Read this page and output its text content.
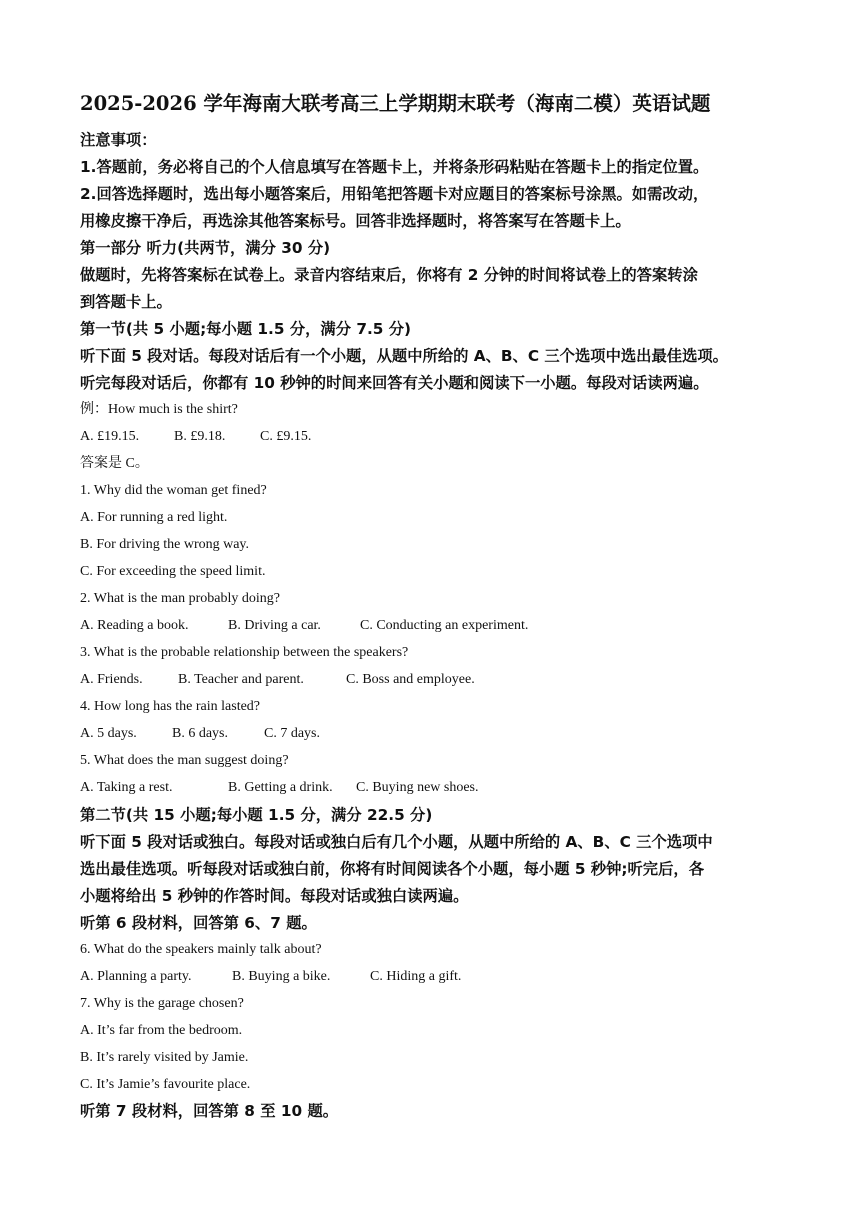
2025-2026 学年海南大联考高三上学期期末联考（海南二模）英语试题
注意事项：
1.答题前，务必将自己的个人信息填写在答题卡上，并将条形码粘贴在答题卡上的指定位置。
2.回答选择题时，选出每小题答案后，用铅笔把答题卡对应题目的答案标号涂黑。如需改动，
用橡皮擦干净后，再选涂其他答案标号。回答非选择题时，将答案写在答题卡上。
第一部分 听力(共两节，满分 30 分)
做题时，先将答案标在试卷上。录音内容结束后，你将有 2 分钟的时间将试卷上的答案转涂
到答题卡上。
第一节(共 5 小题;每小题 1.5 分，满分 7.5 分)
听下面 5 段对话。每段对话后有一个小题，从题中所给的 A、B、C 三个选项中选出最佳选项。
听完每段对话后，你都有 10 秒钟的时间来回答有关小题和阅读下一小题。每段对话读两遍。
例：How much is the shirt?
A. £19.15. B. £9.18. C. £9.15.
答案是 C。
1. Why did the woman get fined?
A. For running a red light.
B. For driving the wrong way.
C. For exceeding the speed limit.
2. What is the man probably doing?
A. Reading a book.	B. Driving a car.	C. Conducting an experiment.
3. What is the probable relationship between the speakers?
A. Friends.	B. Teacher and parent.	C. Boss and employee.
4. How long has the rain lasted?
A. 5 days.	B. 6 days.	C. 7 days.
5. What does the man suggest doing?
A. Taking a rest.	B. Getting a drink. C. Buying new shoes.
第二节(共 15 小题;每小题 1.5 分，满分 22.5 分)
听下面 5 段对话或独白。每段对话或独白后有几个小题，从题中所给的 A、B、C 三个选项中
选出最佳选项。听每段对话或独白前，你将有时间阅读各个小题，每小题 5 秒钟;听完后，各
小题将给出 5 秒钟的作答时间。每段对话或独白读两遍。
听第 6 段材料，回答第 6、7 题。
6. What do the speakers mainly talk about?
A. Planning a party.	B. Buying a bike.	C. Hiding a gift.
7. Why is the garage chosen?
A. It’s far from the bedroom.
B. It’s rarely visited by Jamie.
C. It’s Jamie’s favourite place.
听第 7 段材料，回答第 8 至 10 题。
